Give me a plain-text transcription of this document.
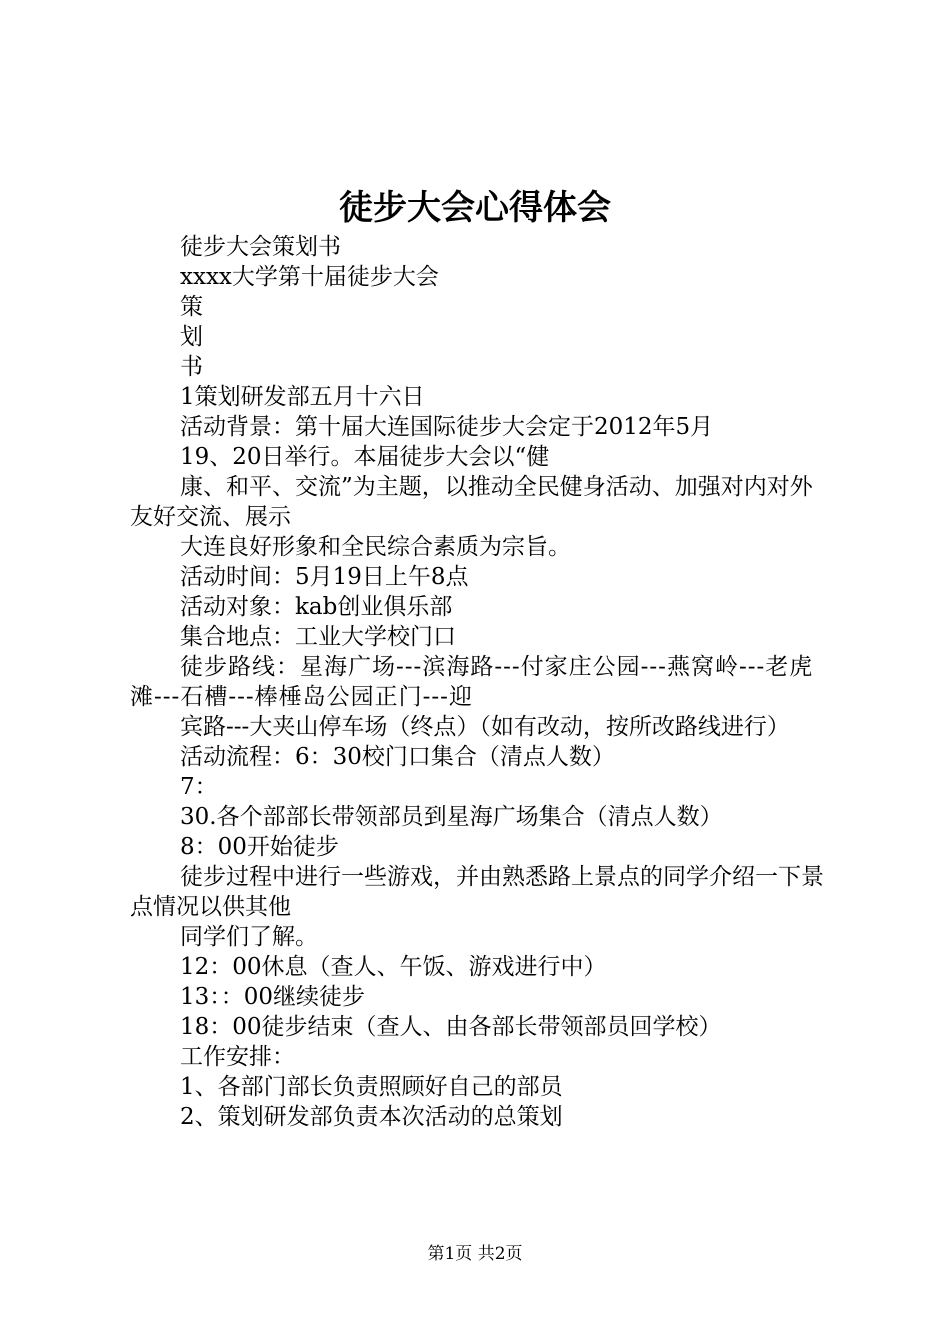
徒步大会心得体会

徒步大会策划书

xxxx大学第十届徒步大会

策

划

书

1策划研发部五月十六日

活动背景：第十届大连国际徒步大会定于2012年5月

19、20日举行。本届徒步大会以“健

康、和平、交流”为主题，以推动全民健身活动、加强对内对外友好交流、展示

大连良好形象和全民综合素质为宗旨。

活动时间：5月19日上午8点

活动对象：kab创业俱乐部

集合地点：工业大学校门口

徒步路线：星海广场---滨海路---付家庄公园---燕窝岭---老虎滩---石槽---棒棰岛公园正门---迎

宾路---大夹山停车场（终点）（如有改动，按所改路线进行）

活动流程：6：30校门口集合（清点人数）

7：

30.各个部部长带领部员到星海广场集合（清点人数）

8：00开始徒步

徒步过程中进行一些游戏，并由熟悉路上景点的同学介绍一下景点情况以供其他

同学们了解。

12：00休息（查人、午饭、游戏进行中）

13：：00继续徒步

18：00徒步结束（查人、由各部长带领部员回学校）

工作安排：

1、各部门部长负责照顾好自己的部员

2、策划研发部负责本次活动的总策划

第1页 共2页
